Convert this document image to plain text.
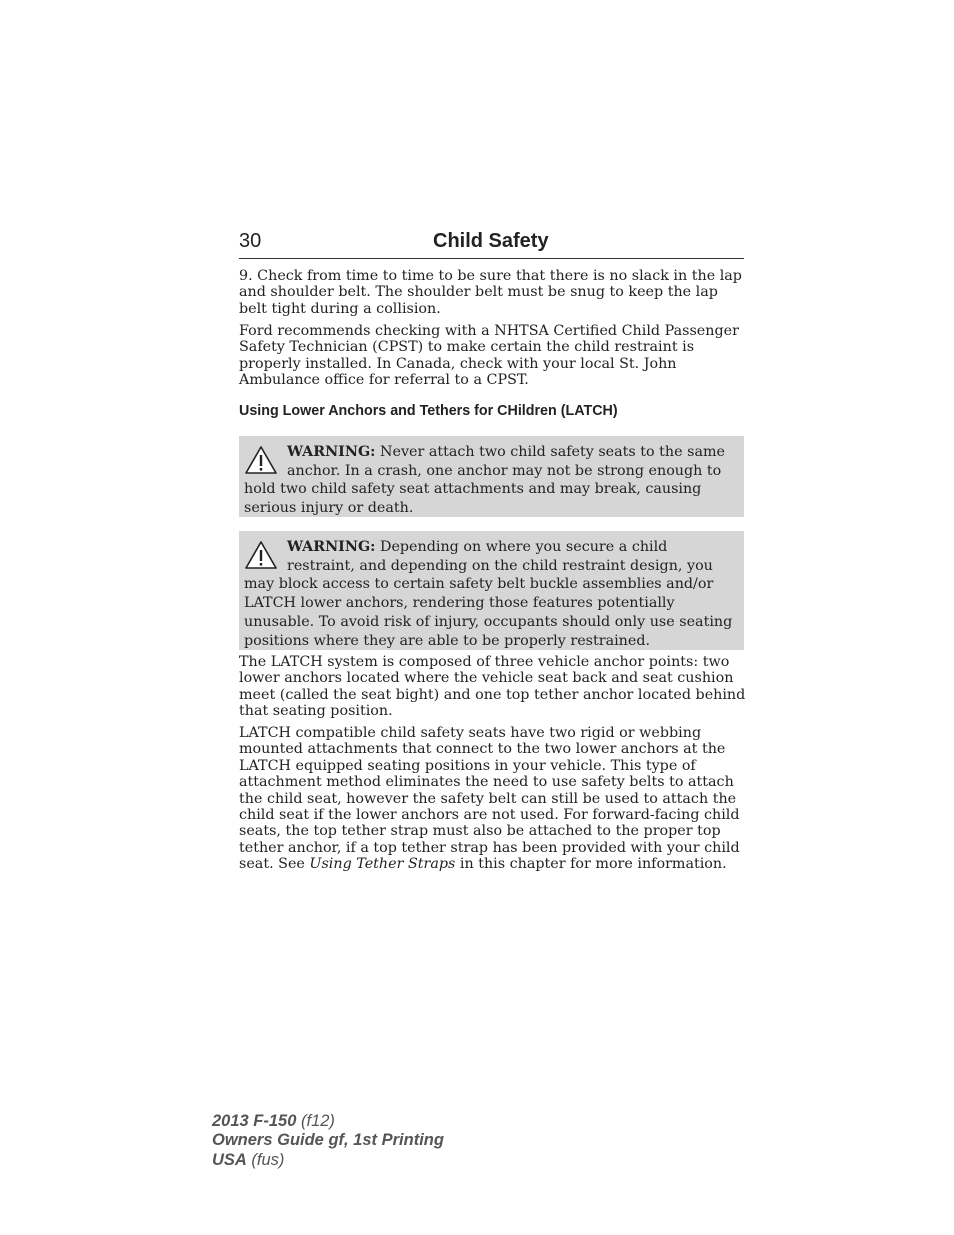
30	Child Safety

9. Check from time to time to be sure that there is no slack in the lap and shoulder belt. The shoulder belt must be snug to keep the lap belt tight during a collision.

Ford recommends checking with a NHTSA Certified Child Passenger Safety Technician (CPST) to make certain the child restraint is properly installed. In Canada, check with your local St. John Ambulance office for referral to a CPST.

Using Lower Anchors and Tethers for CHildren (LATCH)
WARNING: Never attach two child safety seats to the same anchor. In a crash, one anchor may not be strong enough to hold two child safety seat attachments and may break, causing serious injury or death.
WARNING: Depending on where you secure a child restraint, and depending on the child restraint design, you may block access to certain safety belt buckle assemblies and/or LATCH lower anchors, rendering those features potentially unusable. To avoid risk of injury, occupants should only use seating positions where they are able to be properly restrained.

The LATCH system is composed of three vehicle anchor points: two lower anchors located where the vehicle seat back and seat cushion meet (called the seat bight) and one top tether anchor located behind that seating position.

LATCH compatible child safety seats have two rigid or webbing mounted attachments that connect to the two lower anchors at the LATCH equipped seating positions in your vehicle. This type of attachment method eliminates the need to use safety belts to attach the child seat, however the safety belt can still be used to attach the child seat if the lower anchors are not used. For forward-facing child seats, the top tether strap must also be attached to the proper top tether anchor, if a top tether strap has been provided with your child seat. See Using Tether Straps in this chapter for more information.

2013 F-150 (f12)
Owners Guide gf, 1st Printing
USA (fus)
